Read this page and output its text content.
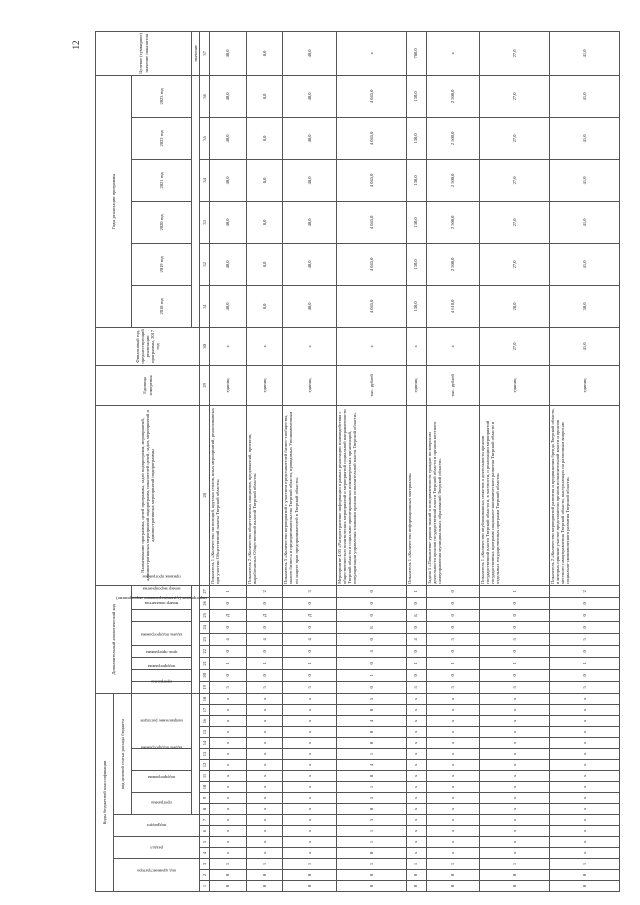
12
Коды бюджетной классификации																		Дополнительный аналитический код									Наименование программы, целей программы, задач подпрограмм, мероприятий, административных мероприятий подпрограмм, показателей целей, задач, мероприятий и административных мероприятий подпрограммы	Единица измерения	Финансовый год, предшествующий реализации программы, 2017 год	Годы реализации программы						Целевое (суммарное) значение показателя
код администратора			раздел		подраздел		код целевой статьи расхода бюджета																													
							программа		подпрограмма		задача подпрограммы		направление расходов					программа	подпрограмма	цель программы	задача подпрограммы	мероприятие (административное мероприятие)		номер показателя	номер мероприятия	признак программы				2018 год	2019 год	2020 год	2021 год	2022 год	2023 год	
																																				значение
1	2	3	4	5	6	7	8	9	10	11	12	13	14	15	16	17	18	19	20	21	22	23	24	25	26	27	28	29	30	31	32	33	34	35	36	37
0	0	1	х	х	х	х	х	х	х	х	х	х	х	х	х	х	х	5	0	1	0	4	0	Д	0	1	Показатель 1 «Количество экспозиций, круглых столов, иных мероприятий, реализованных при участии Общественной палаты Тверской области»	единиц	х	40,0	40,0	40,0	40,0	40,0	40,0	40,0
0	0	1	х	х	х	х	х	х	х	х	х	х	х	х	х	х	х	5	0	1	0	4	0	Д	0	2	Показатель 2 «Количество общественных инициатив, предложений, проектов, выработанных Общественной палатой Тверской области»	единиц	х	8,0	8,0	8,0	8,0	8,0	8,0	8,0
0	0	1	х	х	х	х	х	х	х	х	х	х	х	х	х	х	х	5	0	1	0	4	0	Д	0	3	Показатель 3 «Количество мероприятий с участием представителей бизнес-сообщества, малого бизнеса и предпринимательства Тверской области, проводимых Уполномоченным по защите прав предпринимателей в Тверской области»	единиц	х	40,0	40,0	40,0	40,0	40,0	40,0	40,0
0	0	1	0	1	1	3	0	5	1	0	4	1	0	0	4	0	5	0	1	0	4	0	Б	0	0	0	Мероприятие 4.05 «Распространение информации в рамках реализации взаимодействия с общественностью политических мероприятий и мероприятий социальной направленности Тверской области и социально ориентированных некоммерческих организаций, популяризации управления знаниями органов исполнительной власти Тверской области»	тыс. рублей	х	4 045,0	4 045,0	4 045,0	4 045,0	4 045,0	4 045,0	х
0	0	1	х	х	х	х	х	х	х	х	х	х	х	х	х	х	х	5	0	1	0	4	0	Б	0	1	Показатель 1 «Количество информационных материалов»	единиц	х	130,0	130,0	130,0	130,0	130,0	130,0	780,0
0	0	1	х	х	х	х	х	х	х	х	х	х	х	х	х	х	х	5	0	1	0	5	0	0	0	0	Задача 5 «Повышение уровня знаний и осведомленности граждан по вопросам деятельности органов государственной власти Тверской области и органов местного самоуправления муниципальных образований Тверской области»	тыс. рублей	х	4 610,0	2 500,0	2 500,0	2 500,0	2 500,0	2 500,0	х
0	0	1	х	х	х	х	х	х	х	х	х	х	х	х	х	х	х	5	0	1	0	5	0	0	0	1	Показатель 1 «Количество опубликованных сюжетов о деятельности органов государственной власти Тверской области и, в частности, о реализации мероприятий государственных программ социально-экономического развития Тверской области и отдельных государственных программ Тверской области»	единиц	27,0	28,0	27,0	27,0	27,0	27,0	27,0	27,0
0	0	1	х	х	х	х	х	х	х	х	х	х	х	х	х	х	х	5	0	1	0	5	0	0	0	2	Показатель 2 «Количество мероприятий развития и продвижения бренда Тверской области, в которых приняли участие представители органов исполнительной власти и органов местного самоуправления Тверской области, выступающих по различным вопросам социально-экономического развития Тверской области»	единиц	41,0	30,0	41,0	41,0	41,0	41,0	41,0	41,0
